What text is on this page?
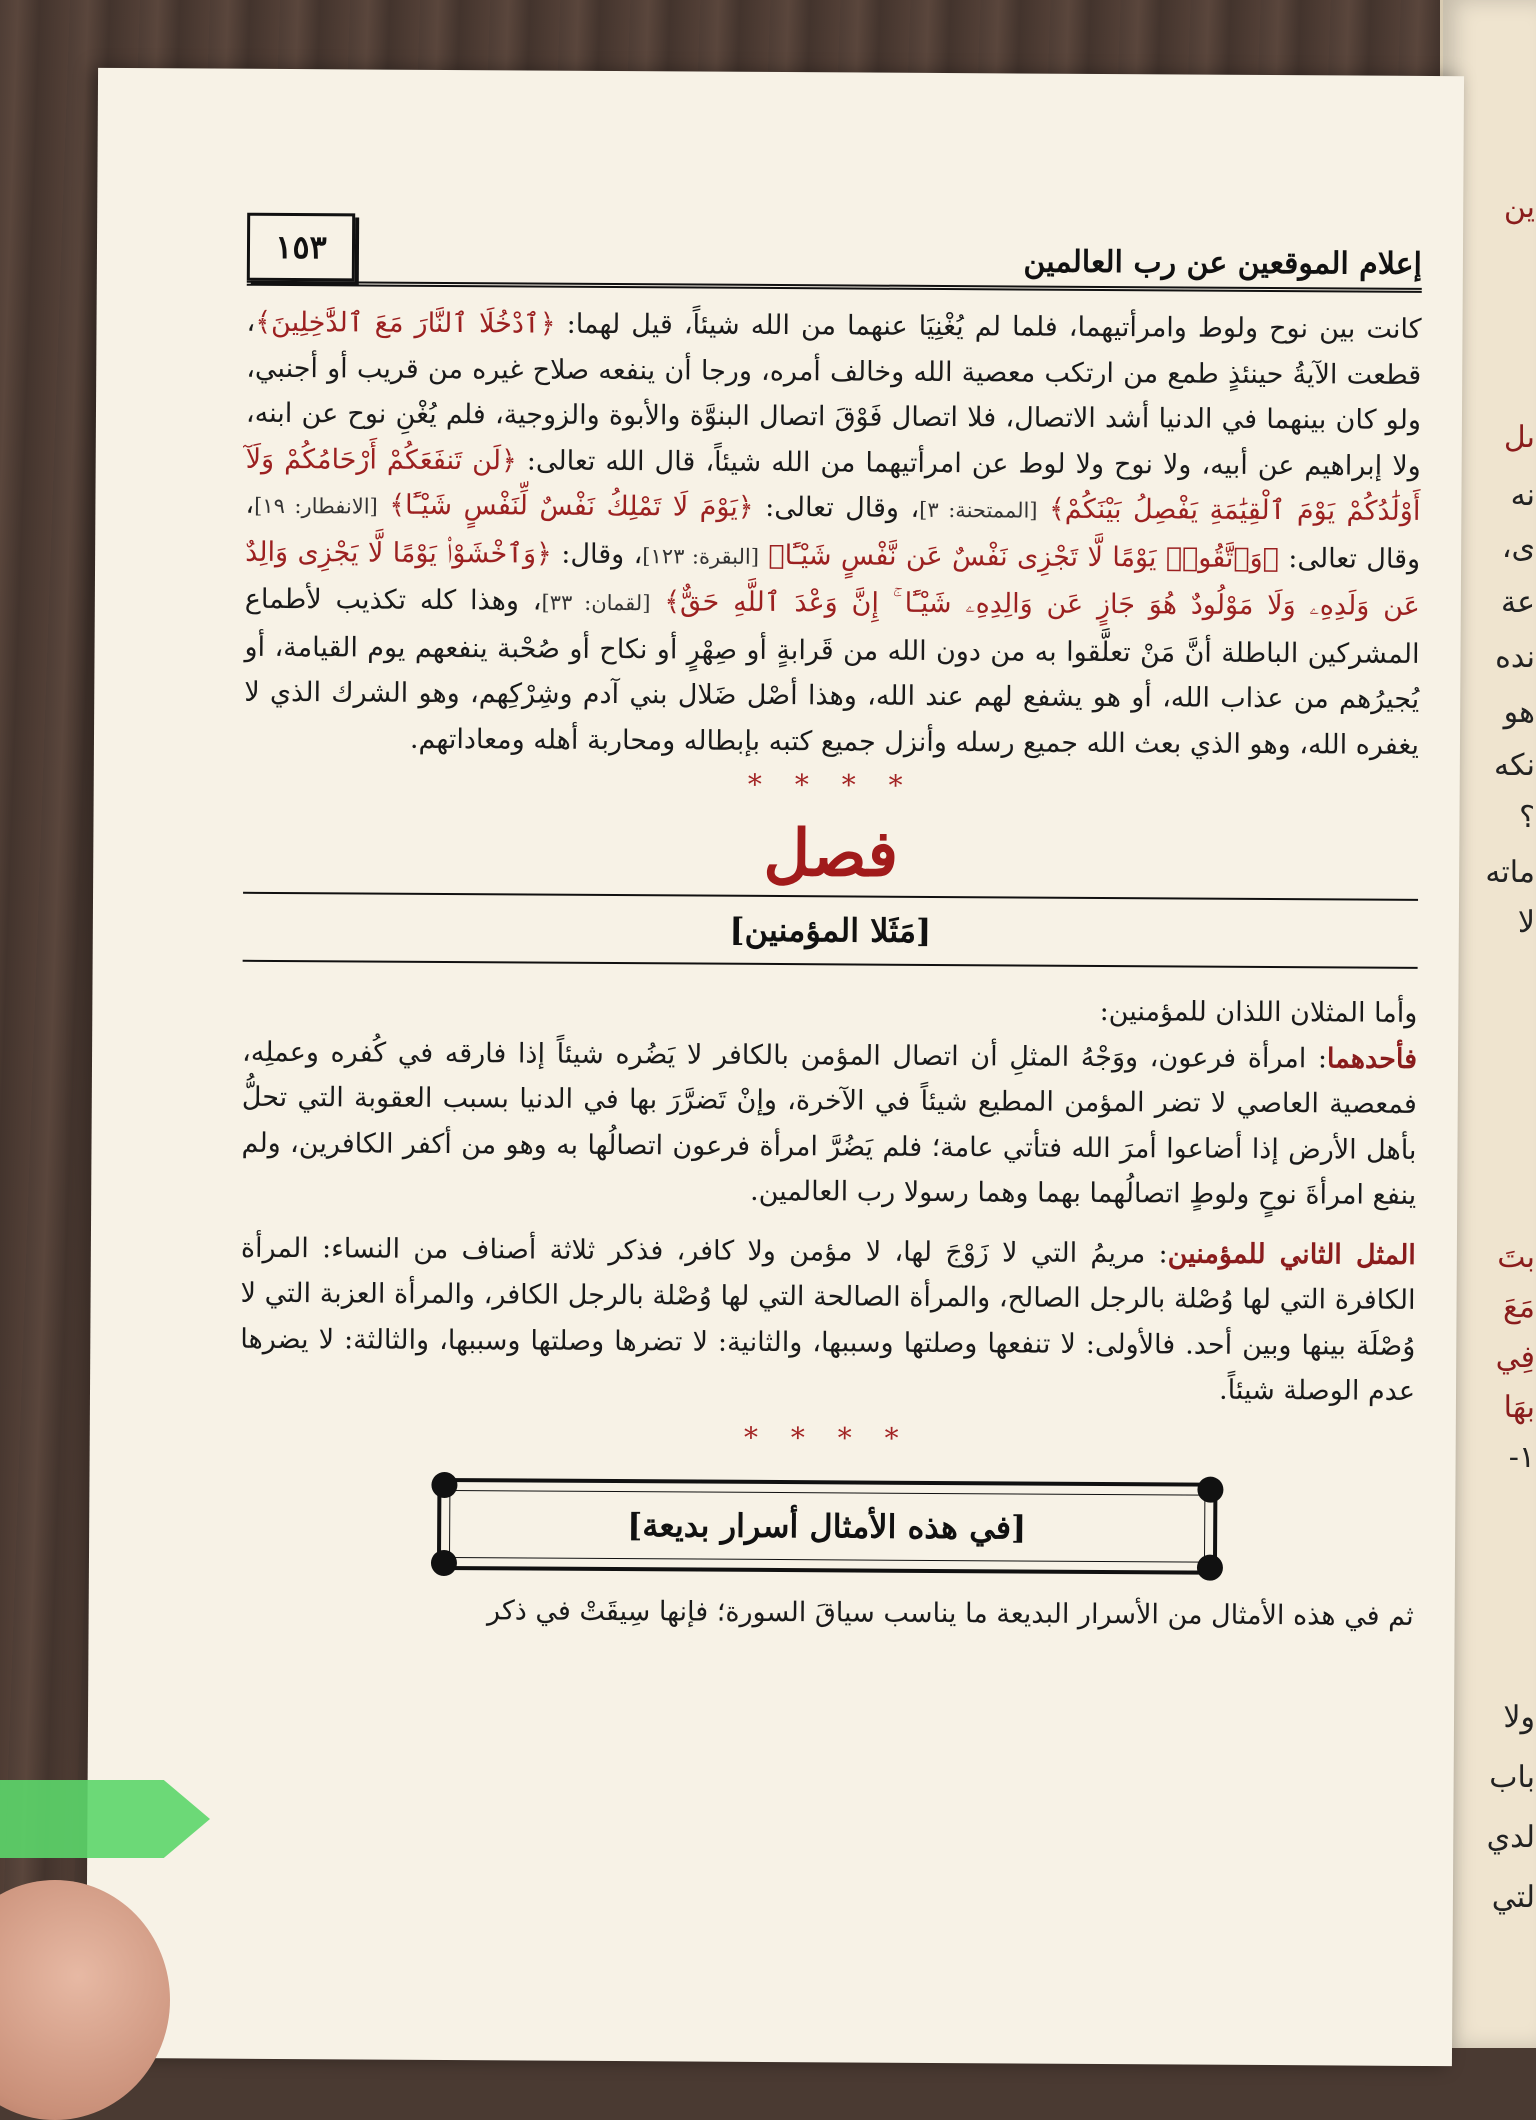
ين
ىل
نه
ى،
عة
نده
هو
نكه
؟
ماته
لا
بتَ
مَعَ
فِي
بهَا
١-
ولا
باب
لدي
لتي
إعلام الموقعين عن رب العالمين
١٥٣

كانت بين نوح ولوط وامرأتيهما، فلما لم يُغْنِيَا عنهما من الله شيئاً، قيل لهما: ﴿ٱدْخُلَا ٱلنَّارَ مَعَ ٱلدَّٰخِلِينَ﴾، قطعت الآيةُ حينئذٍ طمع من ارتكب معصية الله وخالف أمره، ورجا أن ينفعه صلاح غيره من قريب أو أجنبي، ولو كان بينهما في الدنيا أشد الاتصال، فلا اتصال فَوْقَ اتصال البنوَّة والأبوة والزوجية، فلم يُغْنِ نوح عن ابنه، ولا إبراهيم عن أبيه، ولا نوح ولا لوط عن امرأتيهما من الله شيئاً، قال الله تعالى: ﴿لَن تَنفَعَكُمْ أَرْحَامُكُمْ وَلَآ أَوْلَٰدُكُمْ يَوْمَ ٱلْقِيَٰمَةِ يَفْصِلُ بَيْنَكُمْ﴾ [الممتحنة: ٣]، وقال تعالى: ﴿يَوْمَ لَا تَمْلِكُ نَفْسٌ لِّنَفْسٍ شَيْـًٔا﴾ [الانفطار: ١٩]، وقال تعالى: ﴿وَٱتَّقُوا۟ يَوْمًا لَّا تَجْزِى نَفْسٌ عَن نَّفْسٍ شَيْـًٔا﴾ [البقرة: ١٢٣]، وقال: ﴿وَٱخْشَوْا۟ يَوْمًا لَّا يَجْزِى وَالِدٌ عَن وَلَدِهِۦ وَلَا مَوْلُودٌ هُوَ جَازٍ عَن وَالِدِهِۦ شَيْـًٔا ۚ إِنَّ وَعْدَ ٱللَّهِ حَقٌّ﴾ [لقمان: ٣٣]، وهذا كله تكذيب لأطماع المشركين الباطلة أنَّ مَنْ تعلَّقوا به من دون الله من قَرابةٍ أو صِهْرٍ أو نكاح أو صُحْبة ينفعهم يوم القيامة، أو يُجيرُهم من عذاب الله، أو هو يشفع لهم عند الله، وهذا أصْل ضَلال بني آدم وشِرْكِهم، وهو الشرك الذي لا يغفره الله، وهو الذي بعث الله جميع رسله وأنزل جميع كتبه بإبطاله ومحاربة أهله ومعاداتهم.

* * * *
فصل
[مَثَلا المؤمنين]

وأما المثلان اللذان للمؤمنين:

فأحدهما: امرأة فرعون، ووَجْهُ المثلِ أن اتصال المؤمن بالكافر لا يَضُره شيئاً إذا فارقه في كُفره وعملِه، فمعصية العاصي لا تضر المؤمن المطيع شيئاً في الآخرة، وإنْ تَضرَّرَ بها في الدنيا بسبب العقوبة التي تحلُّ بأهل الأرض إذا أضاعوا أمرَ الله فتأتي عامة؛ فلم يَضُرَّ امرأة فرعون اتصالُها به وهو من أكفر الكافرين، ولم ينفع امرأةَ نوحٍ ولوطٍ اتصالُهما بهما وهما رسولا رب العالمين.

المثل الثاني للمؤمنين: مريمُ التي لا زَوْجَ لها، لا مؤمن ولا كافر، فذكر ثلاثة أصناف من النساء: المرأة الكافرة التي لها وُصْلة بالرجل الصالح، والمرأة الصالحة التي لها وُصْلة بالرجل الكافر، والمرأة العزبة التي لا وُصْلَة بينها وبين أحد. فالأولى: لا تنفعها وصلتها وسببها، والثانية: لا تضرها وصلتها وسببها، والثالثة: لا يضرها عدم الوصلة شيئاً.

* * * *
[في هذه الأمثال أسرار بديعة]

ثم في هذه الأمثال من الأسرار البديعة ما يناسب سياقَ السورة؛ فإنها سِيقَتْ في ذكر
